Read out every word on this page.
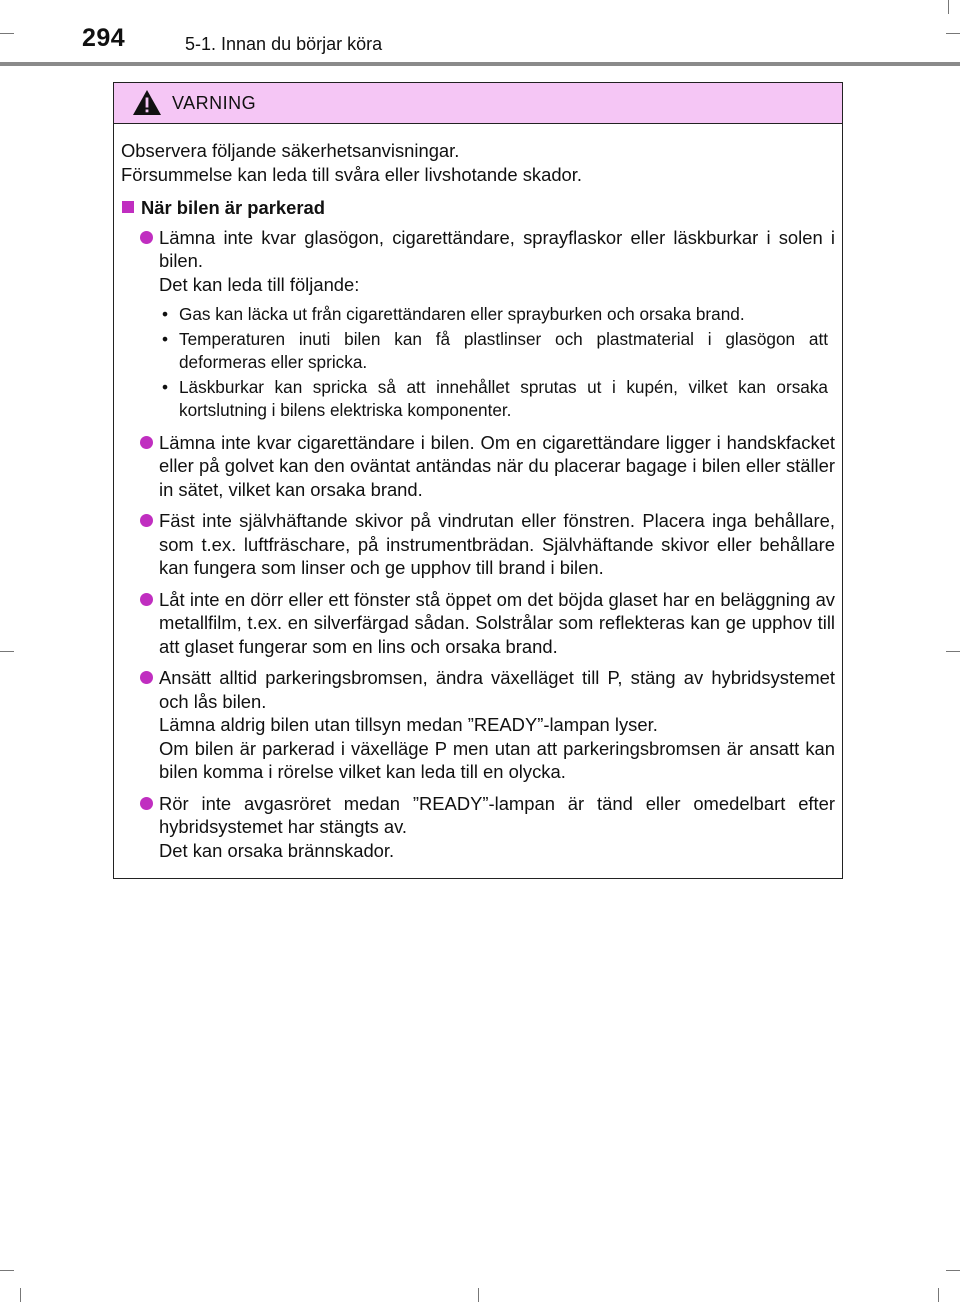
294	5-1. Innan du börjar köra
VARNING
Observera följande säkerhetsanvisningar.
Försummelse kan leda till svåra eller livshotande skador.
När bilen är parkerad
Lämna inte kvar glasögon, cigarettändare, sprayflaskor eller läskburkar i solen i bilen.
Det kan leda till följande:
• Gas kan läcka ut från cigarettändaren eller sprayburken och orsaka brand.
• Temperaturen inuti bilen kan få plastlinser och plastmaterial i glasögon att deformeras eller spricka.
• Läskburkar kan spricka så att innehållet sprutas ut i kupén, vilket kan orsaka kortslutning i bilens elektriska komponenter.
Lämna inte kvar cigarettändare i bilen. Om en cigarettändare ligger i handskfacket eller på golvet kan den oväntat antändas när du placerar bagage i bilen eller ställer in sätet, vilket kan orsaka brand.
Fäst inte självhäftande skivor på vindrutan eller fönstren. Placera inga behållare, som t.ex. luftfräschare, på instrumentbrädan. Självhäftande skivor eller behållare kan fungera som linser och ge upphov till brand i bilen.
Låt inte en dörr eller ett fönster stå öppet om det böjda glaset har en beläggning av metallfilm, t.ex. en silverfärgad sådan. Solstrålar som reflekteras kan ge upphov till att glaset fungerar som en lins och orsaka brand.
Ansätt alltid parkeringsbromsen, ändra växelläget till P, stäng av hybridsystemet och lås bilen.
Lämna aldrig bilen utan tillsyn medan ”READY”-lampan lyser.
Om bilen är parkerad i växelläge P men utan att parkeringsbromsen är ansatt kan bilen komma i rörelse vilket kan leda till en olycka.
Rör inte avgasröret medan ”READY”-lampan är tänd eller omedelbart efter hybridsystemet har stängts av.
Det kan orsaka brännskador.
